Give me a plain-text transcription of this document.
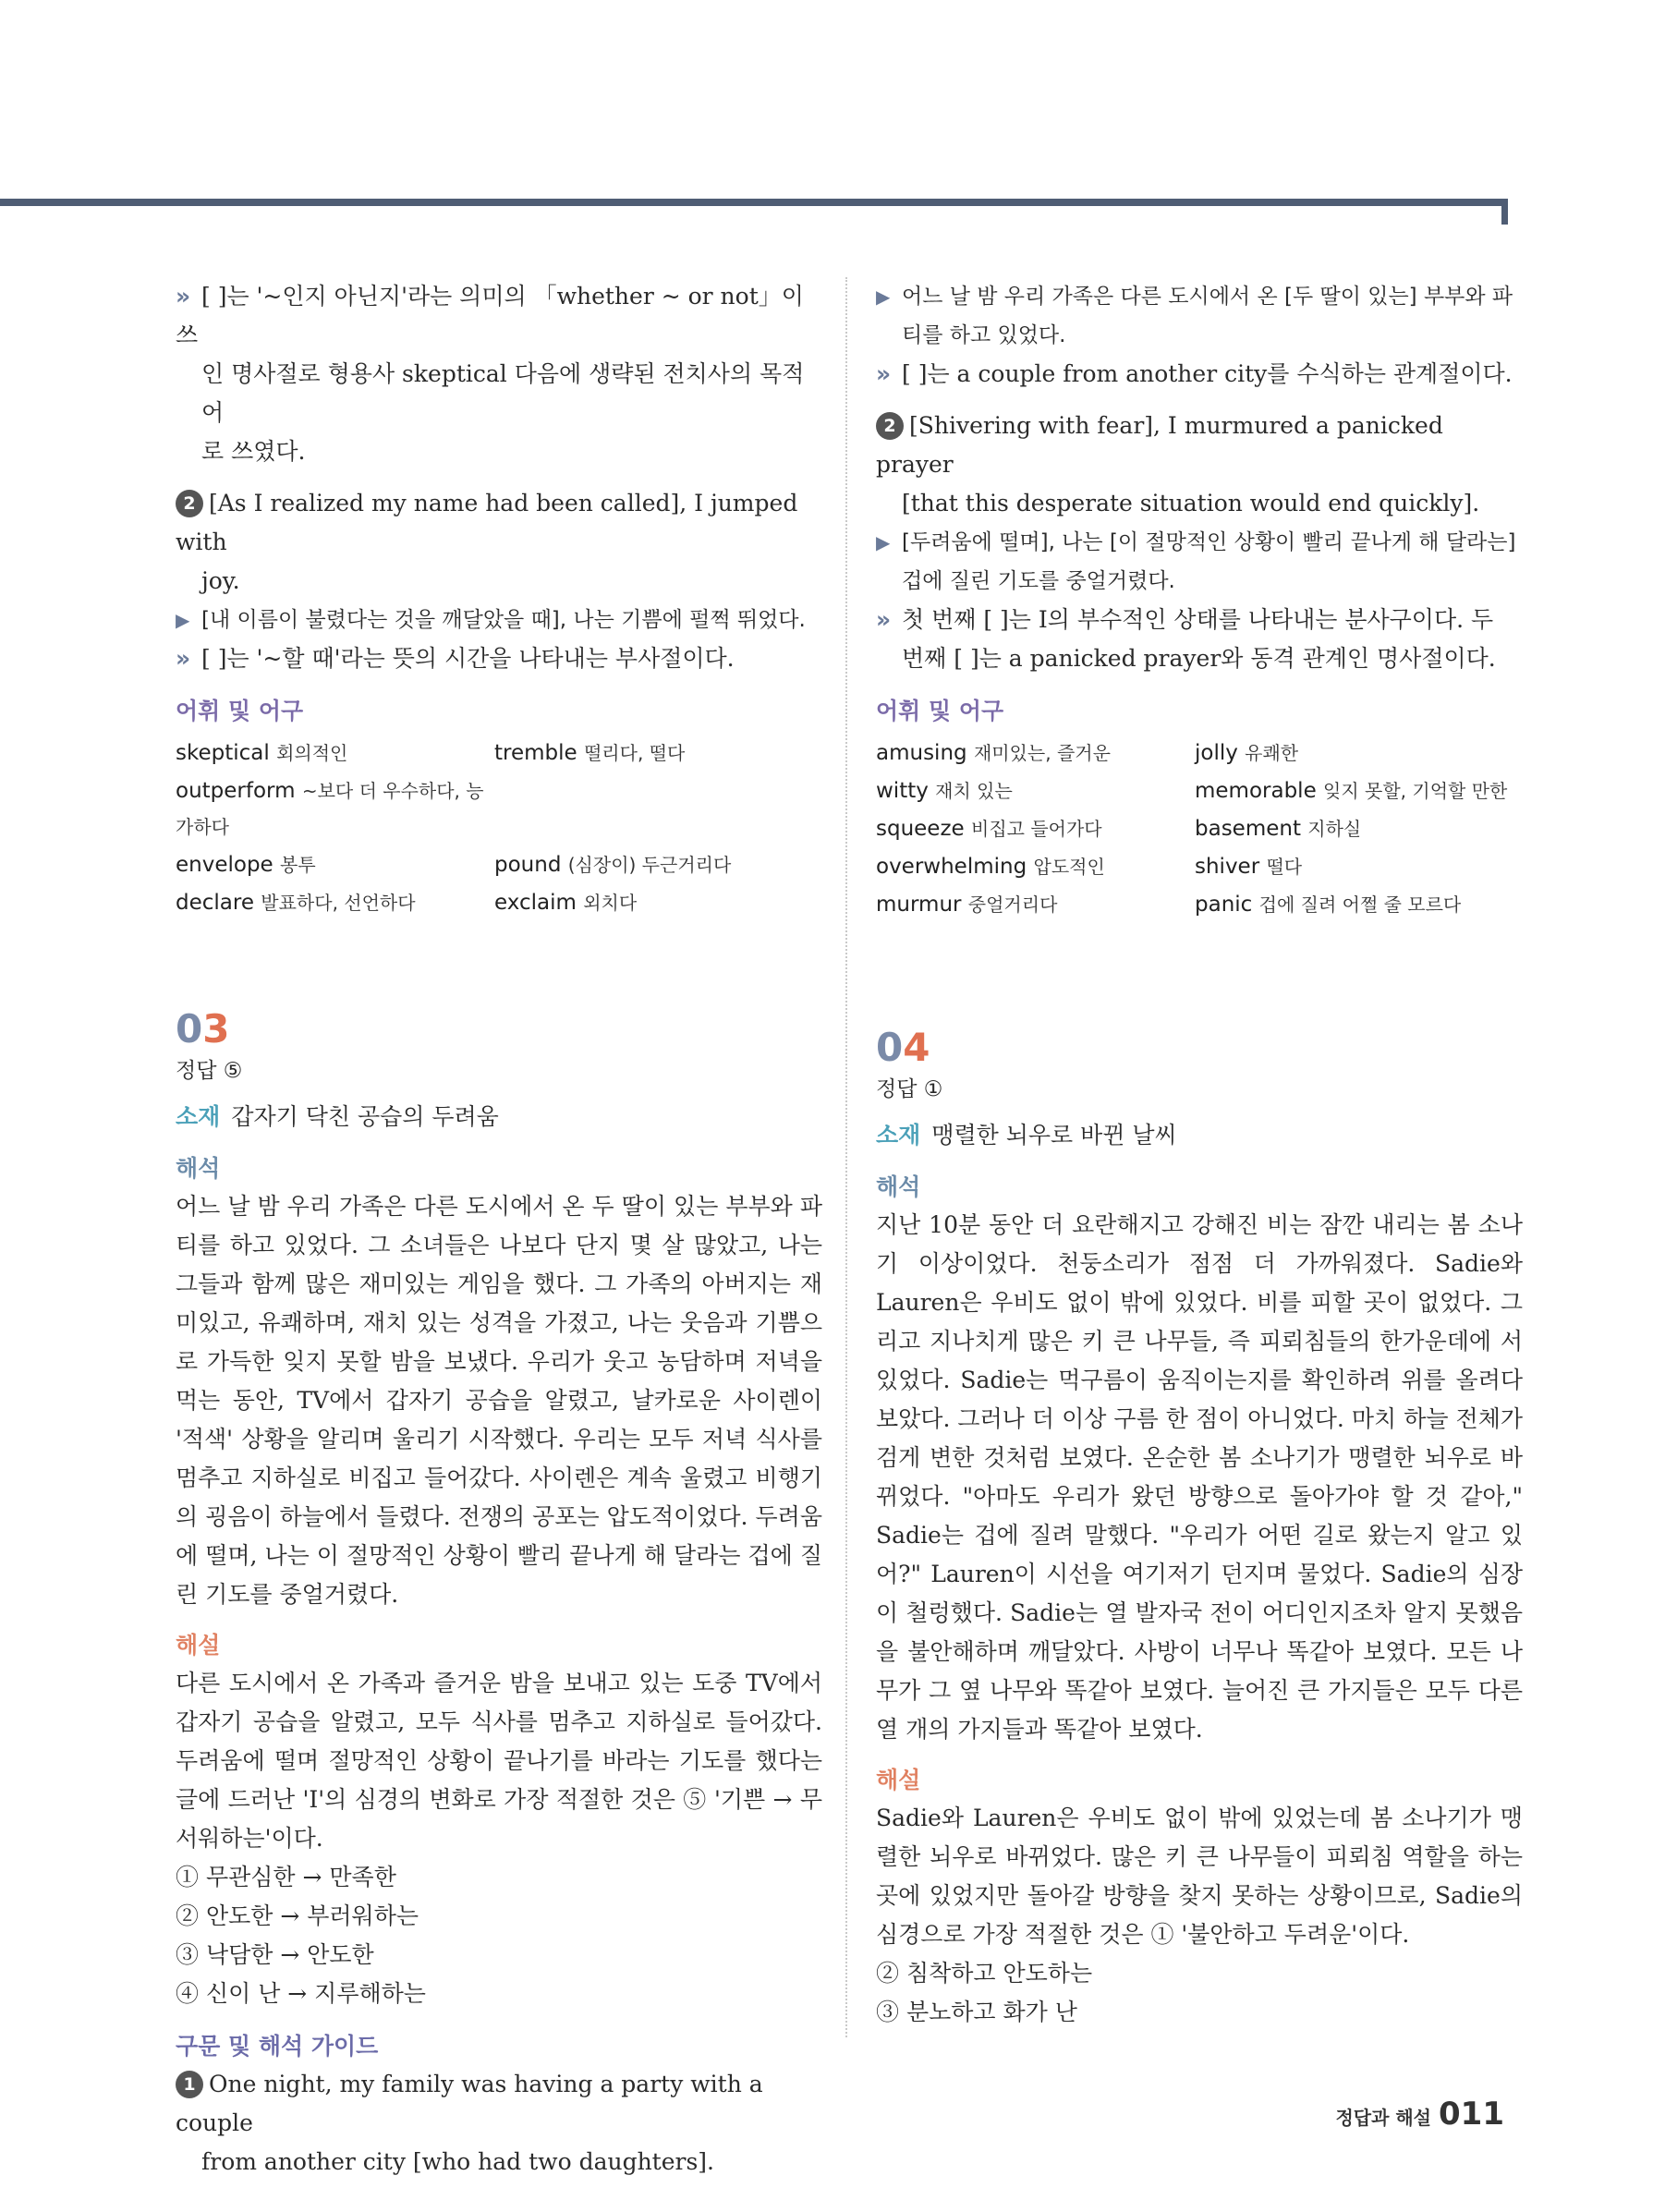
» [ ]는 '~인지 아닌지'라는 의미의 「whether ~ or not」이 쓰

인 명사절로 형용사 skeptical 다음에 생략된 전치사의 목적어

로 쓰였다.

2 [As I realized my name had been called], I jumped with

joy.

▶ [내 이름이 불렸다는 것을 깨달았을 때], 나는 기쁨에 펄쩍 뛰었다.

» [ ]는 '~할 때'라는 뜻의 시간을 나타내는 부사절이다.

어휘 및 어구
skeptical 회의적인	tremble 떨리다, 떨다
outperform ~보다 더 우수하다, 능가하다
envelope 봉투	pound (심장이) 두근거리다
declare 발표하다, 선언하다	exclaim 외치다
03
정답 ⑤
소재 갑자기 닥친 공습의 두려움
해석

어느 날 밤 우리 가족은 다른 도시에서 온 두 딸이 있는 부부와 파티를 하고 있었다. 그 소녀들은 나보다 단지 몇 살 많았고, 나는 그들과 함께 많은 재미있는 게임을 했다. 그 가족의 아버지는 재미있고, 유쾌하며, 재치 있는 성격을 가졌고, 나는 웃음과 기쁨으로 가득한 잊지 못할 밤을 보냈다. 우리가 웃고 농담하며 저녁을 먹는 동안, TV에서 갑자기 공습을 알렸고, 날카로운 사이렌이 '적색' 상황을 알리며 울리기 시작했다. 우리는 모두 저녁 식사를 멈추고 지하실로 비집고 들어갔다. 사이렌은 계속 울렸고 비행기의 굉음이 하늘에서 들렸다. 전쟁의 공포는 압도적이었다. 두려움에 떨며, 나는 이 절망적인 상황이 빨리 끝나게 해 달라는 겁에 질린 기도를 중얼거렸다.

해설

다른 도시에서 온 가족과 즐거운 밤을 보내고 있는 도중 TV에서 갑자기 공습을 알렸고, 모두 식사를 멈추고 지하실로 들어갔다. 두려움에 떨며 절망적인 상황이 끝나기를 바라는 기도를 했다는 글에 드러난 'I'의 심경의 변화로 가장 적절한 것은 ⑤ '기쁜 → 무서워하는'이다.

① 무관심한 → 만족한

② 안도한 → 부러워하는

③ 낙담한 → 안도한

④ 신이 난 → 지루해하는

구문 및 해석 가이드

1 One night, my family was having a party with a couple

from another city [who had two daughters].

▶ 어느 날 밤 우리 가족은 다른 도시에서 온 [두 딸이 있는] 부부와 파

티를 하고 있었다.

» [ ]는 a couple from another city를 수식하는 관계절이다.

2 [Shivering with fear], I murmured a panicked prayer

[that this desperate situation would end quickly].

▶ [두려움에 떨며], 나는 [이 절망적인 상황이 빨리 끝나게 해 달라는]

겁에 질린 기도를 중얼거렸다.

» 첫 번째 [ ]는 I의 부수적인 상태를 나타내는 분사구이다. 두

번째 [ ]는 a panicked prayer와 동격 관계인 명사절이다.

어휘 및 어구
amusing 재미있는, 즐거운	jolly 유쾌한
witty 재치 있는	memorable 잊지 못할, 기억할 만한
squeeze 비집고 들어가다	basement 지하실
overwhelming 압도적인	shiver 떨다
murmur 중얼거리다	panic 겁에 질려 어쩔 줄 모르다
04
정답 ①
소재 맹렬한 뇌우로 바뀐 날씨
해석

지난 10분 동안 더 요란해지고 강해진 비는 잠깐 내리는 봄 소나기 이상이었다. 천둥소리가 점점 더 가까워졌다. Sadie와 Lauren은 우비도 없이 밖에 있었다. 비를 피할 곳이 없었다. 그리고 지나치게 많은 키 큰 나무들, 즉 피뢰침들의 한가운데에 서 있었다. Sadie는 먹구름이 움직이는지를 확인하려 위를 올려다보았다. 그러나 더 이상 구름 한 점이 아니었다. 마치 하늘 전체가 검게 변한 것처럼 보였다. 온순한 봄 소나기가 맹렬한 뇌우로 바뀌었다. "아마도 우리가 왔던 방향으로 돌아가야 할 것 같아," Sadie는 겁에 질려 말했다. "우리가 어떤 길로 왔는지 알고 있어?" Lauren이 시선을 여기저기 던지며 물었다. Sadie의 심장이 철렁했다. Sadie는 열 발자국 전이 어디인지조차 알지 못했음을 불안해하며 깨달았다. 사방이 너무나 똑같아 보였다. 모든 나무가 그 옆 나무와 똑같아 보였다. 늘어진 큰 가지들은 모두 다른 열 개의 가지들과 똑같아 보였다.

해설

Sadie와 Lauren은 우비도 없이 밖에 있었는데 봄 소나기가 맹렬한 뇌우로 바뀌었다. 많은 키 큰 나무들이 피뢰침 역할을 하는 곳에 있었지만 돌아갈 방향을 찾지 못하는 상황이므로, Sadie의 심경으로 가장 적절한 것은 ① '불안하고 두려운'이다.

② 침착하고 안도하는

③ 분노하고 화가 난

정답과 해설 011
